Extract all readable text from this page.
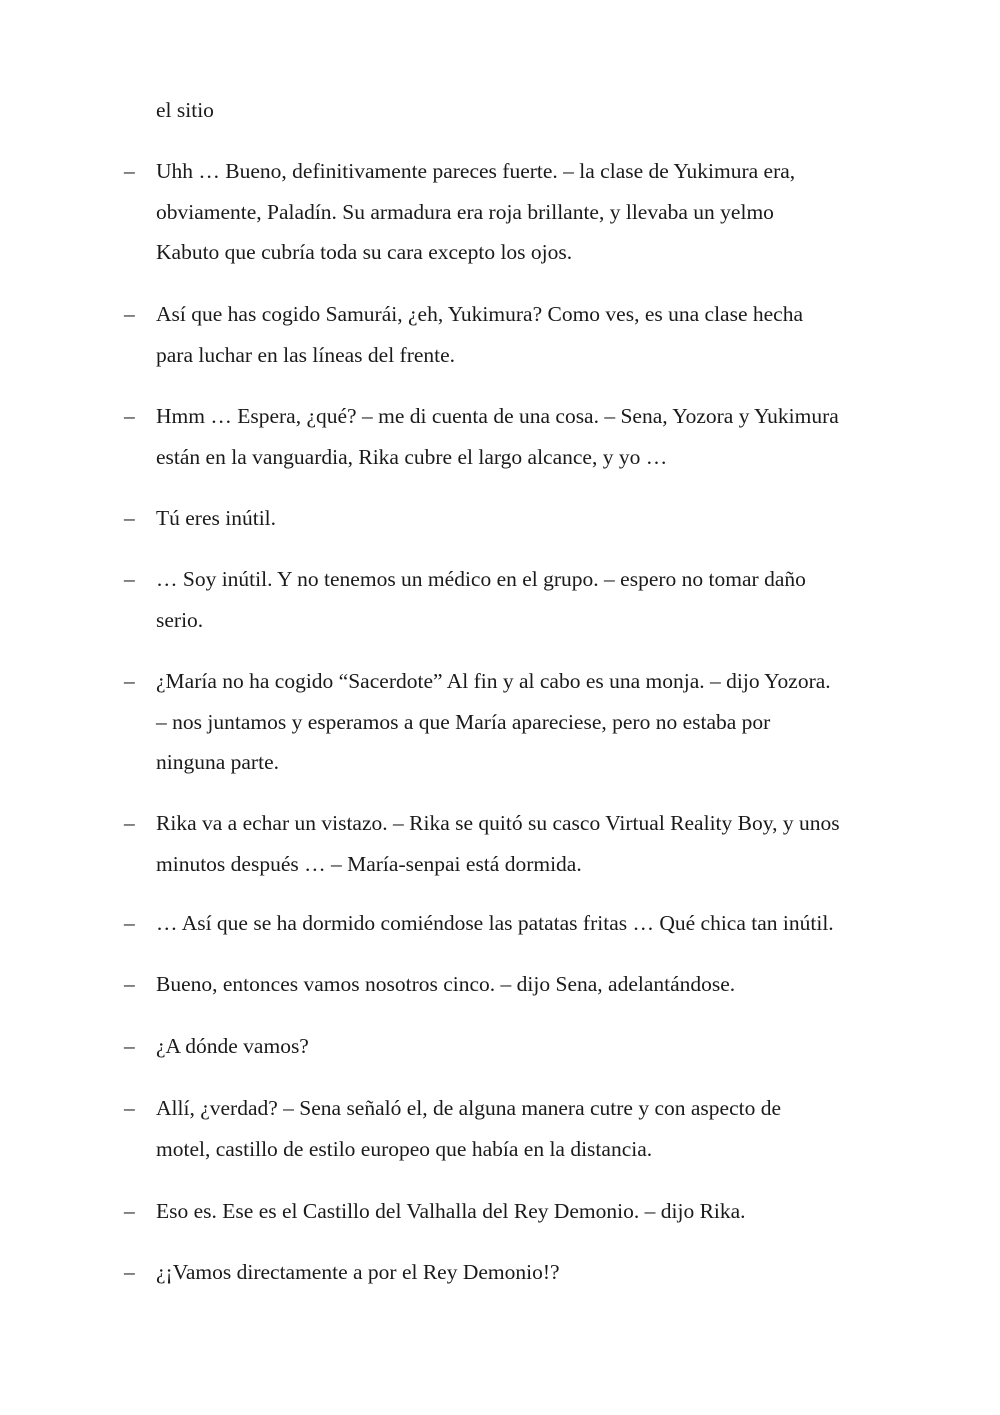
el sitio
– Uhh … Bueno, definitivamente pareces fuerte. – la clase de Yukimura era,
obviamente, Paladín. Su armadura era roja brillante, y llevaba un yelmo
Kabuto que cubría toda su cara excepto los ojos.
– Así que has cogido Samurái, ¿eh, Yukimura? Como ves, es una clase hecha
para luchar en las líneas del frente.
– Hmm … Espera, ¿qué? – me di cuenta de una cosa. – Sena, Yozora y Yukimura
están en la vanguardia, Rika cubre el largo alcance, y yo …
– Tú eres inútil.
– … Soy inútil. Y no tenemos un médico en el grupo. – espero no tomar daño
serio.
– ¿María no ha cogido “Sacerdote” Al fin y al cabo es una monja. – dijo Yozora.
– nos juntamos y esperamos a que María apareciese, pero no estaba por
ninguna parte.
– Rika va a echar un vistazo. – Rika se quitó su casco Virtual Reality Boy, y unos
minutos después … – María-senpai está dormida.
– … Así que se ha dormido comiéndose las patatas fritas … Qué chica tan inútil.
– Bueno, entonces vamos nosotros cinco. – dijo Sena, adelantándose.
– ¿A dónde vamos?
– Allí, ¿verdad? – Sena señaló el, de alguna manera cutre y con aspecto de
motel, castillo de estilo europeo que había en la distancia.
– Eso es. Ese es el Castillo del Valhalla del Rey Demonio. – dijo Rika.
– ¿¡Vamos directamente a por el Rey Demonio!?
